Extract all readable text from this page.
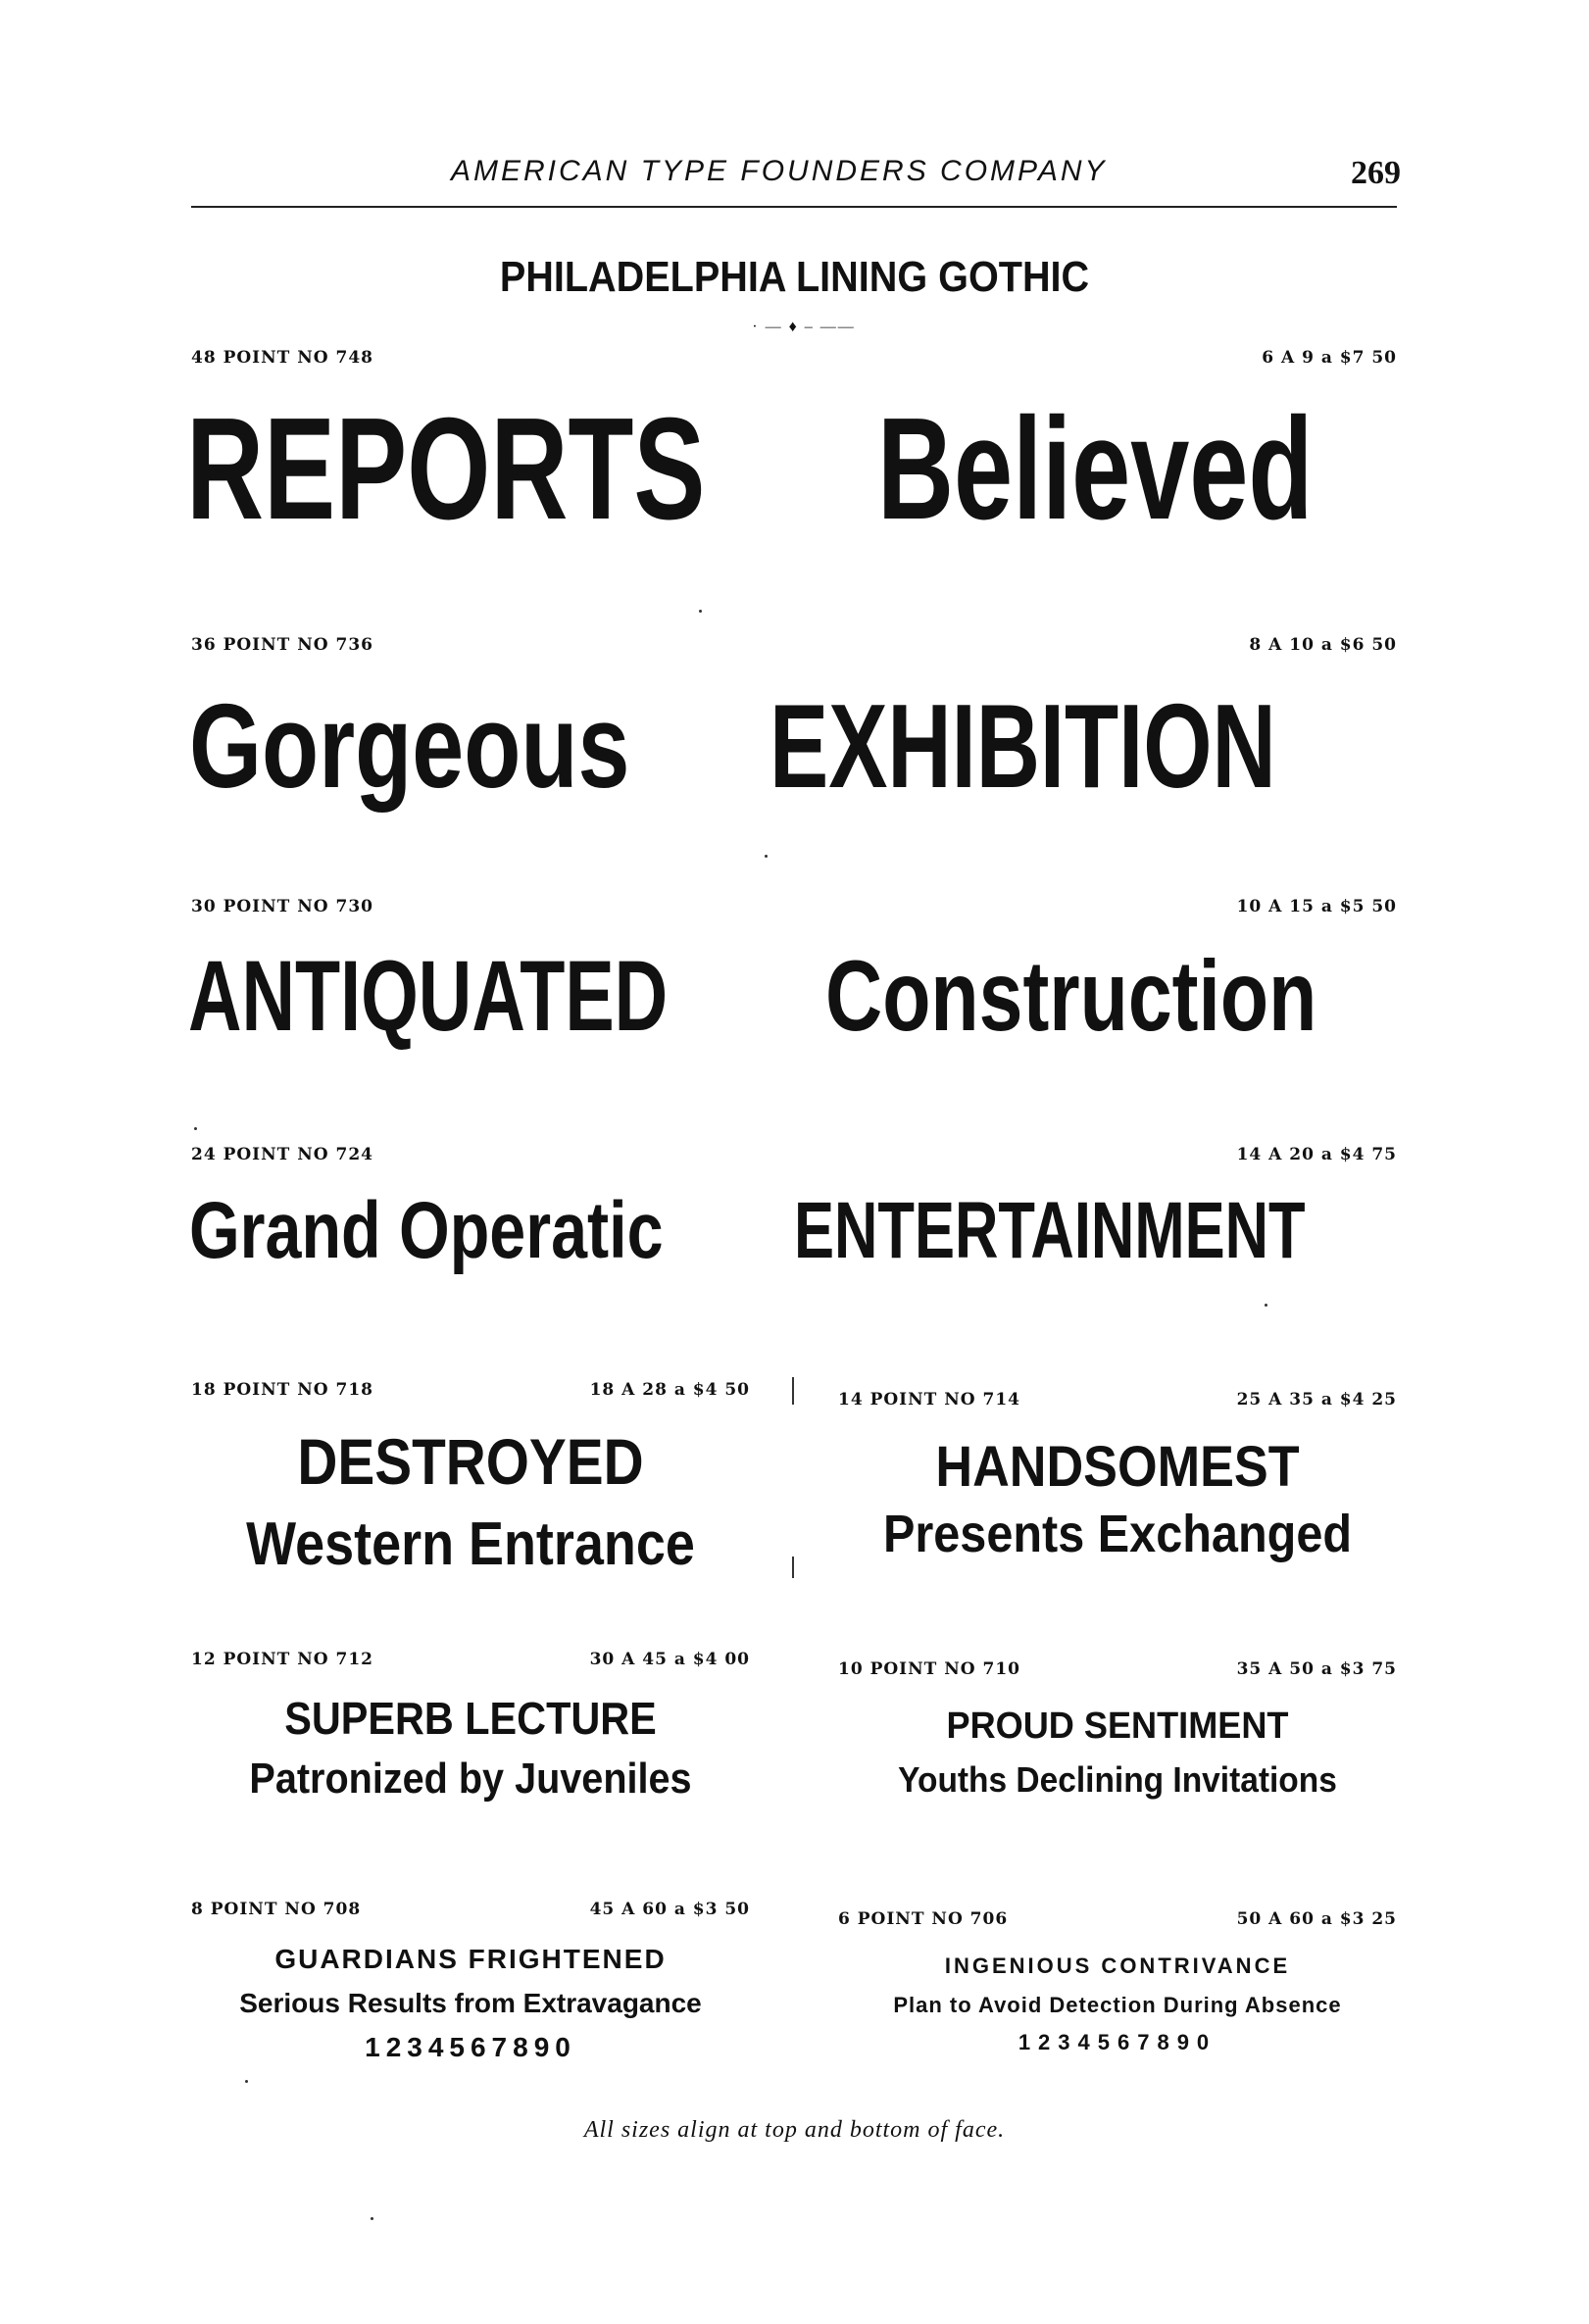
AMERICAN TYPE FOUNDERS COMPANY	269
PHILADELPHIA LINING GOTHIC
· — ♦ – ——
48 POINT NO 748	6 A 9 a $7 50
REPORTS Believed
36 POINT NO 736	8 A 10 a $6 50
Gorgeous EXHIBITION
30 POINT NO 730	10 A 15 a $5 50
ANTIQUATED Construction
24 POINT NO 724	14 A 20 a $4 75
Grand Operatic ENTERTAINMENT
18 POINT NO 718	18 A 28 a $4 50
DESTROYED
Western Entrance
14 POINT NO 714	25 A 35 a $4 25
HANDSOMEST
Presents Exchanged
12 POINT NO 712	30 A 45 a $4 00
SUPERB LECTURE
Patronized by Juveniles
10 POINT NO 710	35 A 50 a $3 75
PROUD SENTIMENT
Youths Declining Invitations
8 POINT NO 708	45 A 60 a $3 50
GUARDIANS FRIGHTENED
Serious Results from Extravagance
1234567890
6 POINT NO 706	50 A 60 a $3 25
INGENIOUS CONTRIVANCE
Plan to Avoid Detection During Absence
1234567890
All sizes align at top and bottom of face.
